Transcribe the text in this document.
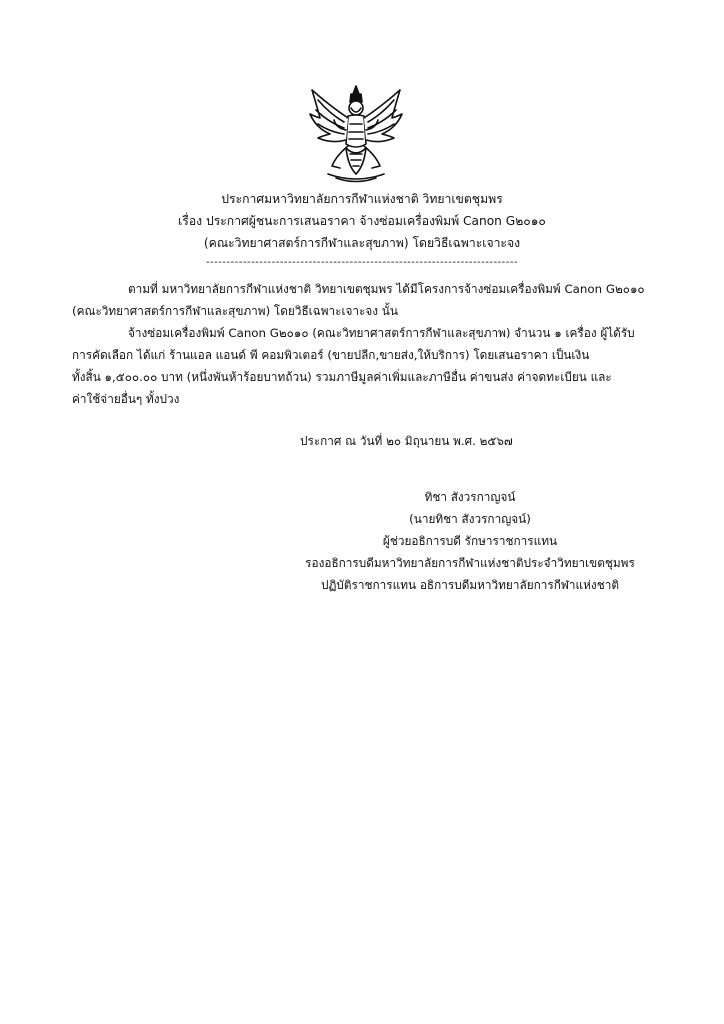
ประกาศมหาวิทยาลัยการกีฬาแห่งชาติ วิทยาเขตชุมพร
เรื่อง ประกาศผู้ชนะการเสนอราคา จ้างซ่อมเครื่องพิมพ์ Canon G๒๐๑๐
(คณะวิทยาศาสตร์การกีฬาและสุขภาพ) โดยวิธีเฉพาะเจาะจง
----------------------------------------------------------------------------
ตามที่ มหาวิทยาลัยการกีฬาแห่งชาติ วิทยาเขตชุมพร ได้มีโครงการจ้างซ่อมเครื่องพิมพ์ Canon G๒๐๑๐
(คณะวิทยาศาสตร์การกีฬาและสุขภาพ) โดยวิธีเฉพาะเจาะจง นั้น
จ้างซ่อมเครื่องพิมพ์ Canon G๒๐๑๐ (คณะวิทยาศาสตร์การกีฬาและสุขภาพ) จำนวน ๑ เครื่อง ผู้ได้รับ
การคัดเลือก ได้แก่ ร้านแอล แอนด์ พี คอมพิวเตอร์ (ขายปลีก,ขายส่ง,ให้บริการ) โดยเสนอราคา เป็นเงิน
ทั้งสิ้น ๑,๕๐๐.๐๐ บาท (หนึ่งพันห้าร้อยบาทถ้วน) รวมภาษีมูลค่าเพิ่มและภาษีอื่น ค่าขนส่ง ค่าจดทะเบียน และ
ค่าใช้จ่ายอื่นๆ ทั้งปวง
ประกาศ ณ วันที่ ๒๐ มิถุนายน พ.ศ. ๒๕๖๗
ทิชา สังวรกาญจน์
(นายทิชา สังวรกาญจน์)
ผู้ช่วยอธิการบดี รักษาราชการแทน
รองอธิการบดีมหาวิทยาลัยการกีฬาแห่งชาติประจำวิทยาเขตชุมพร
ปฏิบัติราชการแทน อธิการบดีมหาวิทยาลัยการกีฬาแห่งชาติ
